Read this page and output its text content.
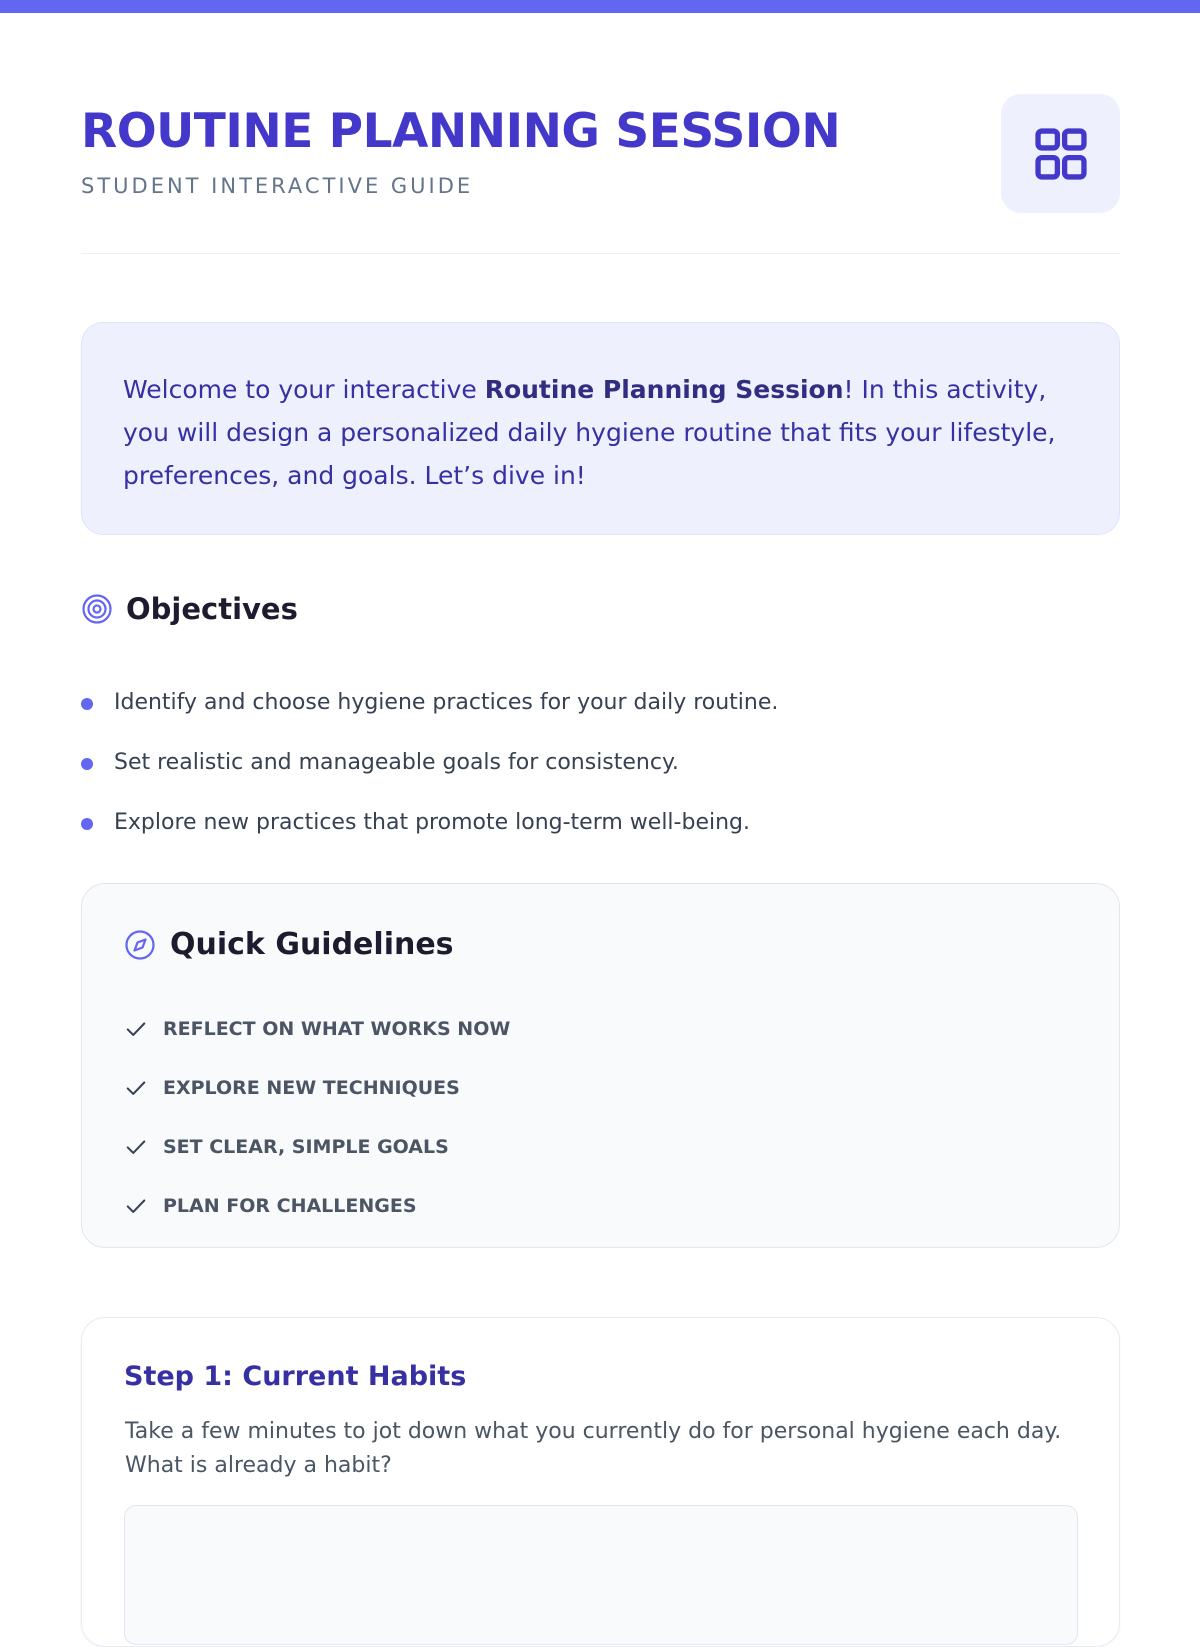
ROUTINE PLANNING SESSION
STUDENT INTERACTIVE GUIDE

Welcome to your interactive Routine Planning Session! In this activity, you will design a personalized daily hygiene routine that fits your lifestyle, preferences, and goals. Let’s dive in!

Objectives
Identify and choose hygiene practices for your daily routine.
Set realistic and manageable goals for consistency.
Explore new practices that promote long-term well-being.
Quick Guidelines
REFLECT ON WHAT WORKS NOW
EXPLORE NEW TECHNIQUES
SET CLEAR, SIMPLE GOALS
PLAN FOR CHALLENGES
Step 1: Current Habits

Take a few minutes to jot down what you currently do for personal hygiene each day. What is already a habit?
